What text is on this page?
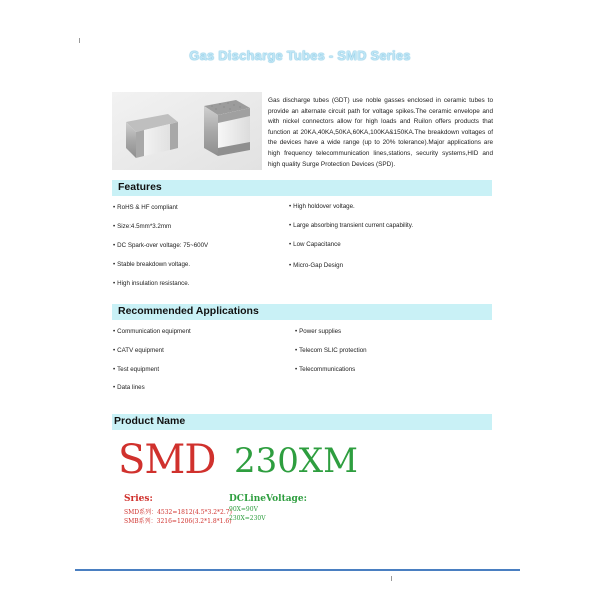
Gas Discharge Tubes - SMD Series
Gas discharge tubes (GDT) use noble gasses enclosed in ceramic tubes to provide an alternate circuit path for voltage spikes.The ceramic envelope and with nickel connectors allow for high loads and Ruilon offers products that function at 20KA,40KA,50KA,60KA,100KA&150KA.The breakdown voltages of the devices have a wide range (up to 20% tolerance).Major applications are high frequency telecommunication lines,stations, security systems,HID and high quality Surge Protection Devices (SPD).
Features
• RoHS & HF compliant
• Size:4.5mm*3.2mm
• DC Spark-over voltage: 75~600V
• Stable breakdown voltage.
• High insulation resistance.
• High holdover voltage.
• Large absorbing transient current capability.
• Low Capacitance
• Micro-Gap Design
Recommended Applications
• Communication equipment
• CATV equipment
• Test equipment
• Data lines
• Power supplies
• Telecom SLIC protection
• Telecommunications
Product Name
SMD 230XM
Sries:
SMD系列：4532=1812(4.5*3.2*2.7)
SMB系列：3216=1206(3.2*1.8*1.6)
DCLineVoltage:
90X=90V
230X=230V
